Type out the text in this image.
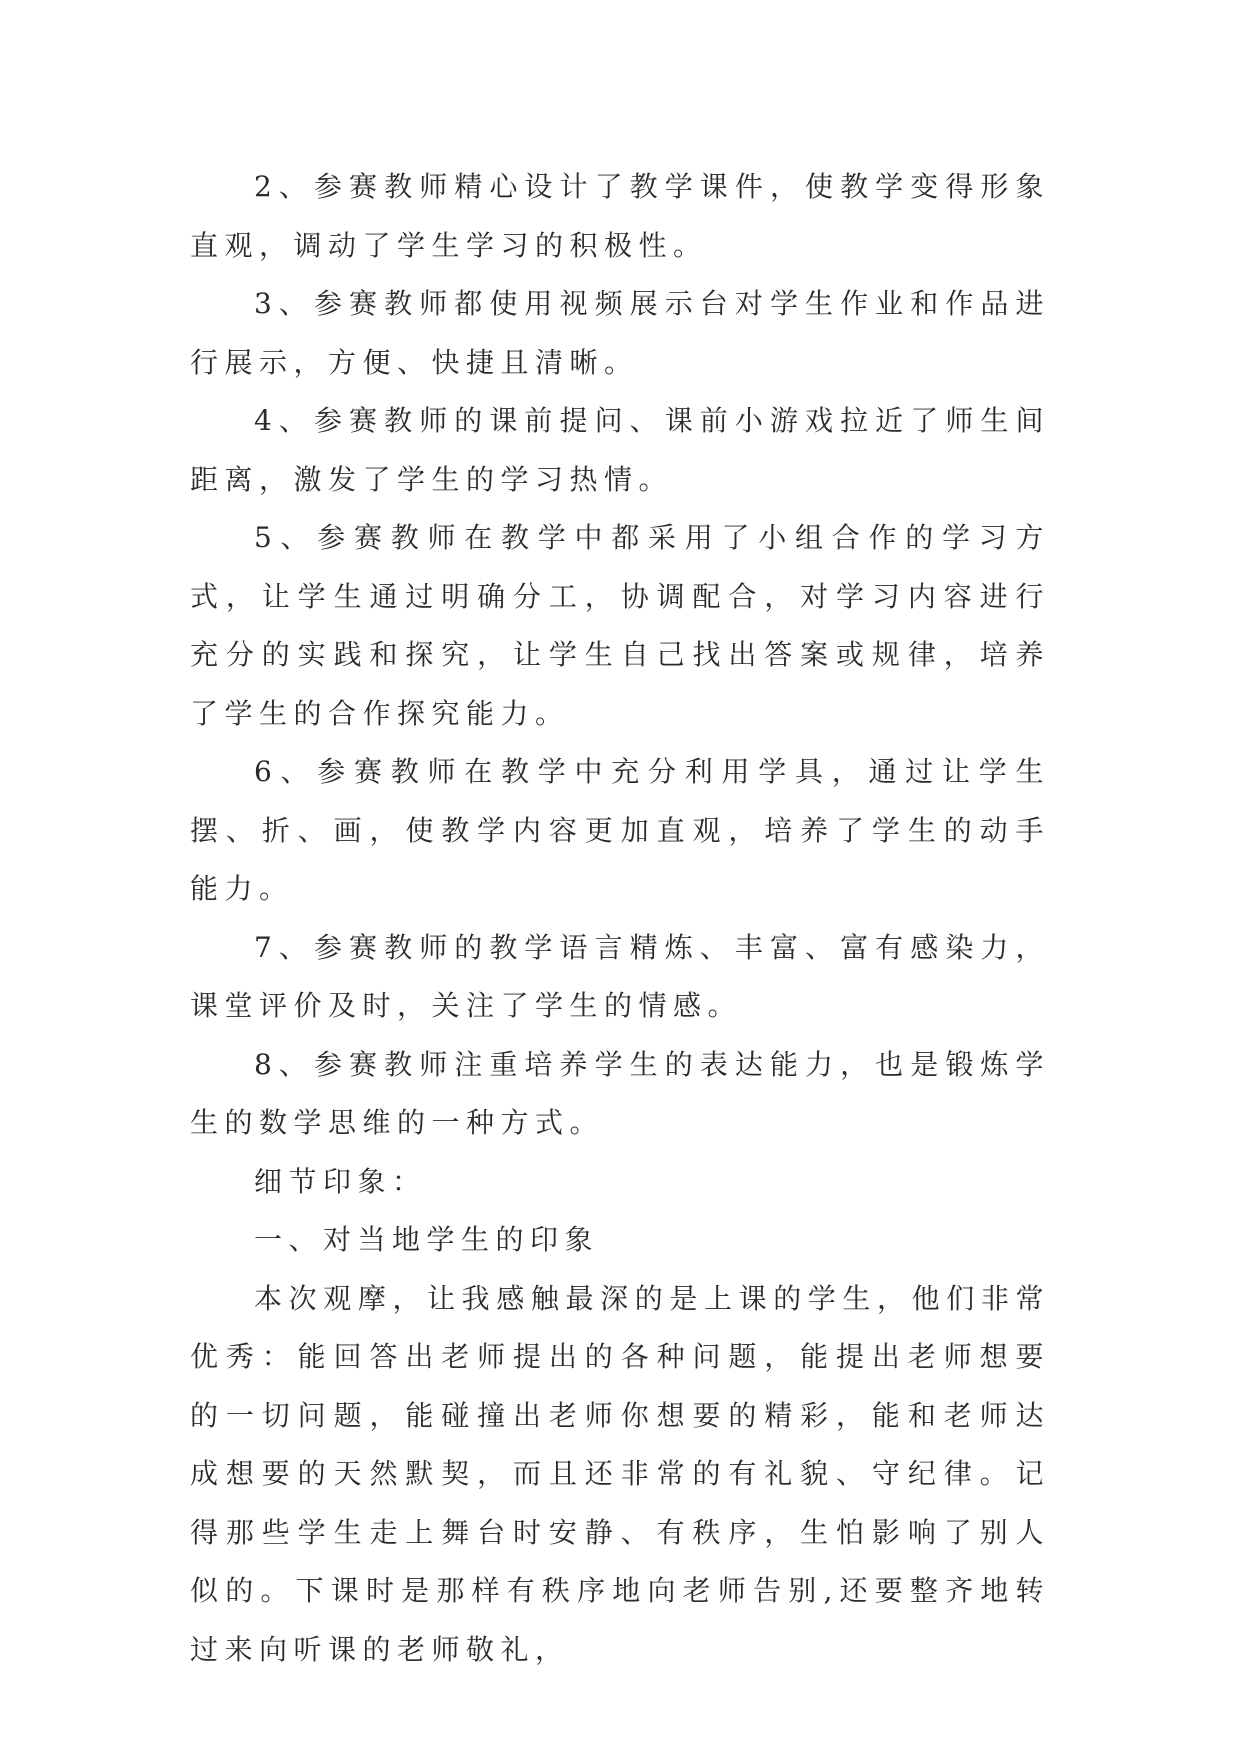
2、参赛教师精心设计了教学课件，使教学变得形象直观，调动了学生学习的积极性。

3、参赛教师都使用视频展示台对学生作业和作品进行展示，方便、快捷且清晰。

4、参赛教师的课前提问、课前小游戏拉近了师生间距离，激发了学生的学习热情。

5、参赛教师在教学中都采用了小组合作的学习方式，让学生通过明确分工，协调配合，对学习内容进行充分的实践和探究，让学生自己找出答案或规律，培养了学生的合作探究能力。

6、参赛教师在教学中充分利用学具，通过让学生摆、折、画，使教学内容更加直观，培养了学生的动手能力。

7、参赛教师的教学语言精炼、丰富、富有感染力，课堂评价及时，关注了学生的情感。

8、参赛教师注重培养学生的表达能力，也是锻炼学生的数学思维的一种方式。

细节印象：

一、对当地学生的印象

本次观摩，让我感触最深的是上课的学生，他们非常优秀：能回答出老师提出的各种问题，能提出老师想要的一切问题，能碰撞出老师你想要的精彩，能和老师达成想要的天然默契，而且还非常的有礼貌、守纪律。记得那些学生走上舞台时安静、有秩序，生怕影响了别人似的。下课时是那样有秩序地向老师告别,还要整齐地转过来向听课的老师敬礼，
